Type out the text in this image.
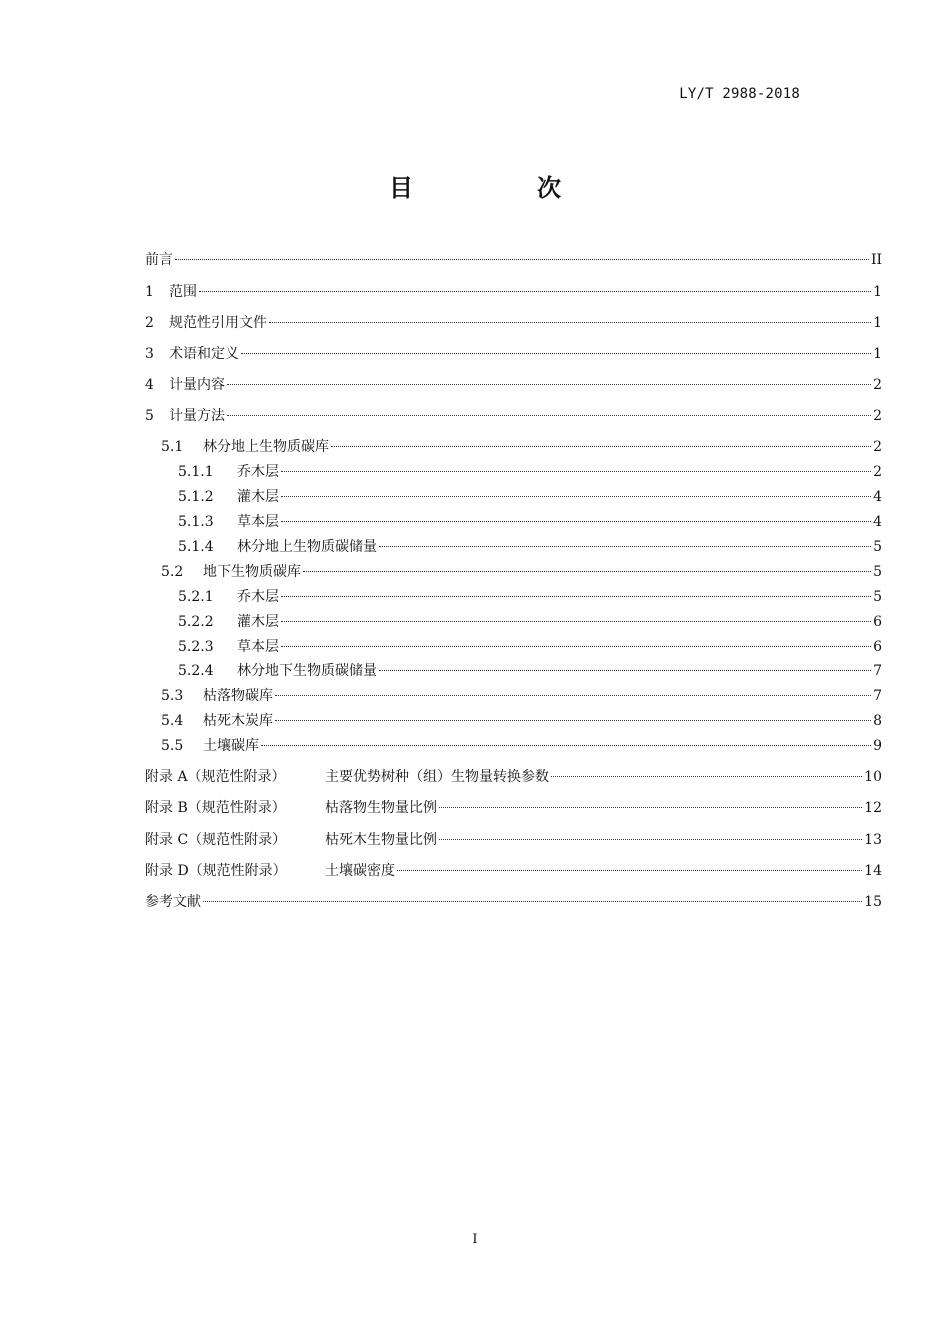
LY/T 2988-2018
目　次
前言	II
1	范围	1
2	规范性引用文件	1
3	术语和定义	1
4	计量内容	2
5	计量方法	2
5.1	林分地上生物质碳库	2
5.1.1	乔木层	2
5.1.2	灌木层	4
5.1.3	草本层	4
5.1.4	林分地上生物质碳储量	5
5.2	地下生物质碳库	5
5.2.1	乔木层	5
5.2.2	灌木层	6
5.2.3	草本层	6
5.2.4	林分地下生物质碳储量	7
5.3	枯落物碳库	7
5.4	枯死木炭库	8
5.5	土壤碳库	9
附录 A（规范性附录）	主要优势树种（组）生物量转换参数	10
附录 B（规范性附录）	枯落物生物量比例	12
附录 C（规范性附录）	枯死木生物量比例	13
附录 D（规范性附录）	土壤碳密度	14
参考文献	15
I
